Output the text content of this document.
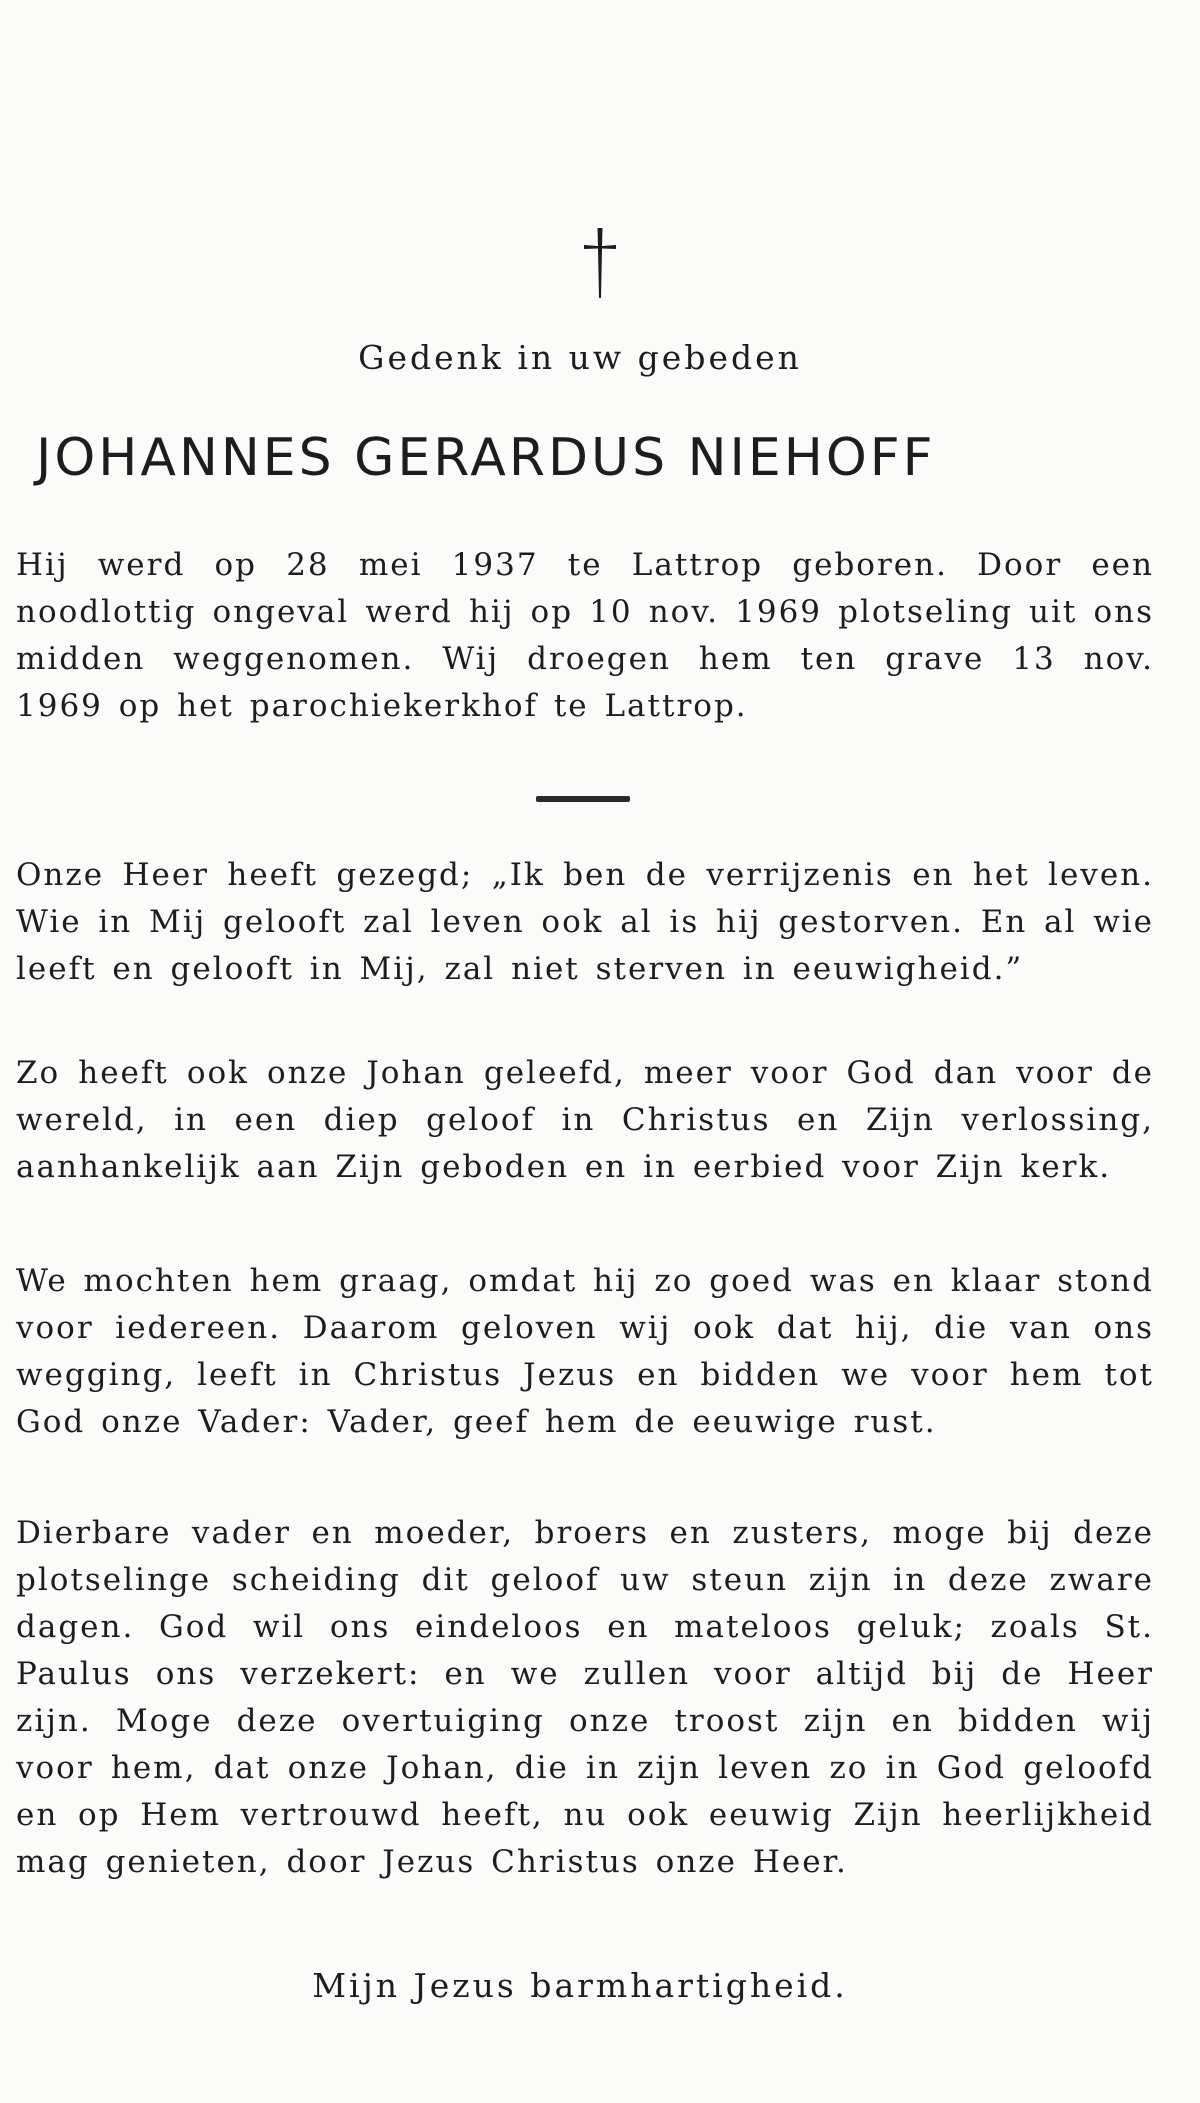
Gedenk in uw gebeden
JOHANNES GERARDUS NIEHOFF
Hij werd op 28 mei 1937 te Lattrop geboren. Door een noodlottig ongeval werd hij op 10 nov. 1969 plotseling uit ons midden weggenomen. Wij droegen hem ten grave 13 nov. 1969 op het parochiekerkhof te Lattrop.
Onze Heer heeft gezegd; „Ik ben de verrijzenis en het leven. Wie in Mij gelooft zal leven ook al is hij gestorven. En al wie leeft en gelooft in Mij, zal niet sterven in eeuwigheid.”
Zo heeft ook onze Johan geleefd, meer voor God dan voor de wereld, in een diep geloof in Christus en Zijn verlossing, aanhankelijk aan Zijn geboden en in eerbied voor Zijn kerk.
We mochten hem graag, omdat hij zo goed was en klaar stond voor iedereen. Daarom geloven wij ook dat hij, die van ons wegging, leeft in Christus Jezus en bidden we voor hem tot God onze Vader: Vader, geef hem de eeuwige rust.
Dierbare vader en moeder, broers en zusters, moge bij deze plotselinge scheiding dit geloof uw steun zijn in deze zware dagen. God wil ons eindeloos en mateloos geluk; zoals St. Paulus ons verzekert: en we zullen voor altijd bij de Heer zijn. Moge deze overtuiging onze troost zijn en bidden wij voor hem, dat onze Johan, die in zijn leven zo in God geloofd en op Hem vertrouwd heeft, nu ook eeuwig Zijn heerlijkheid mag genieten, door Jezus Christus onze Heer.
Mijn Jezus barmhartigheid.
